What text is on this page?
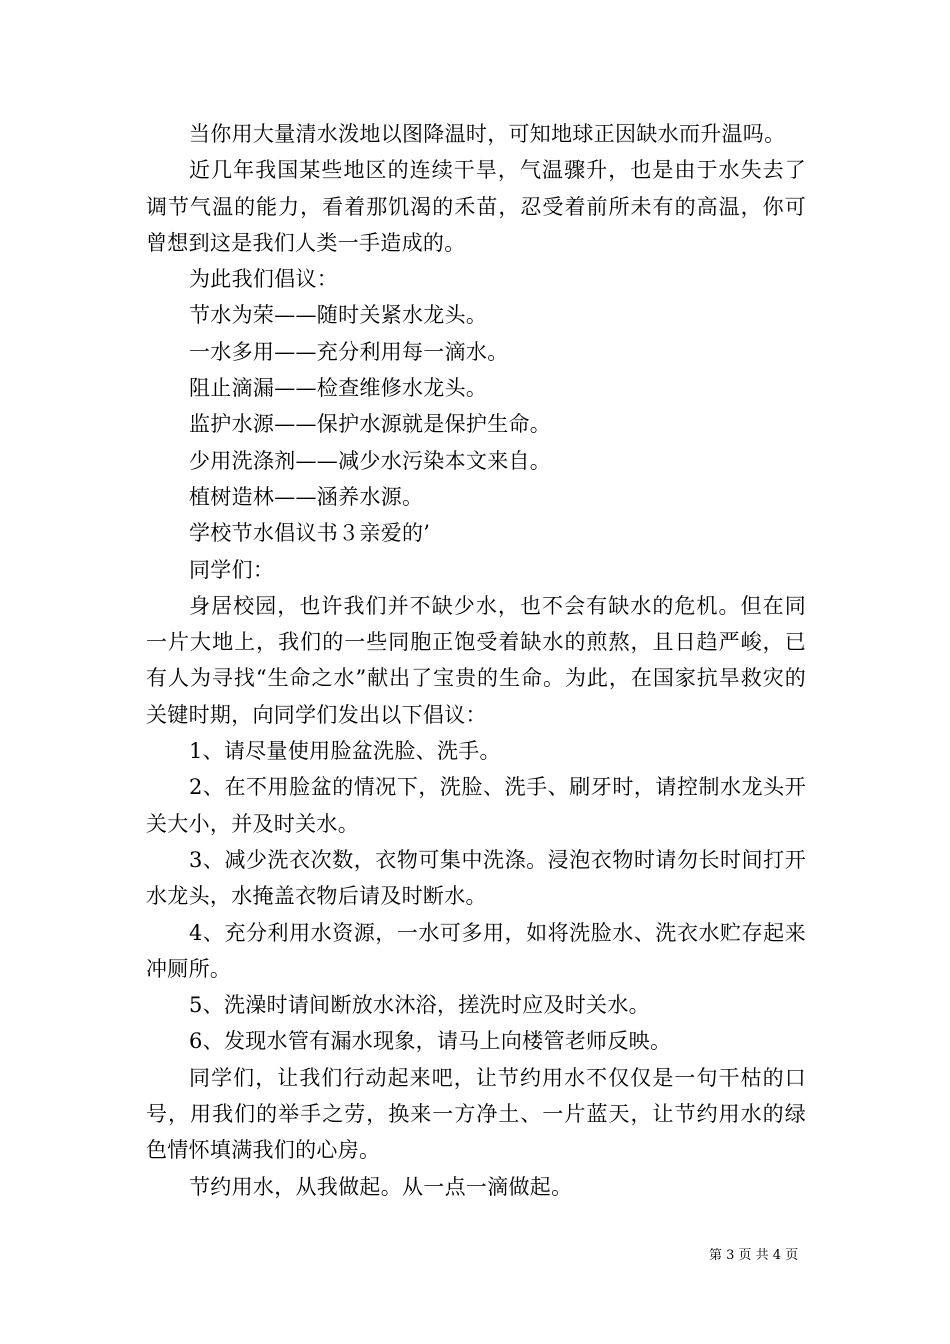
当你用大量清水泼地以图降温时，可知地球正因缺水而升温吗。

近几年我国某些地区的连续干旱，气温骤升，也是由于水失去了调节气温的能力，看着那饥渴的禾苗，忍受着前所未有的高温，你可曾想到这是我们人类一手造成的。

为此我们倡议：

节水为荣——随时关紧水龙头。

一水多用——充分利用每一滴水。

阻止滴漏——检查维修水龙头。

监护水源——保护水源就是保护生命。

少用洗涤剂——减少水污染本文来自。

植树造林——涵养水源。

学校节水倡议书３亲爱的’

同学们：

身居校园，也许我们并不缺少水，也不会有缺水的危机。但在同一片大地上，我们的一些同胞正饱受着缺水的煎熬，且日趋严峻，已有人为寻找“生命之水”献出了宝贵的生命。为此，在国家抗旱救灾的关键时期，向同学们发出以下倡议：

1、请尽量使用脸盆洗脸、洗手。

2、在不用脸盆的情况下，洗脸、洗手、刷牙时，请控制水龙头开关大小，并及时关水。

3、减少洗衣次数，衣物可集中洗涤。浸泡衣物时请勿长时间打开水龙头，水掩盖衣物后请及时断水。

4、充分利用水资源，一水可多用，如将洗脸水、洗衣水贮存起来冲厕所。

5、洗澡时请间断放水沐浴，搓洗时应及时关水。

6、发现水管有漏水现象，请马上向楼管老师反映。

同学们，让我们行动起来吧，让节约用水不仅仅是一句干枯的口号，用我们的举手之劳，换来一方净土、一片蓝天，让节约用水的绿色情怀填满我们的心房。

节约用水，从我做起。从一点一滴做起。

第 3 页 共 4 页
